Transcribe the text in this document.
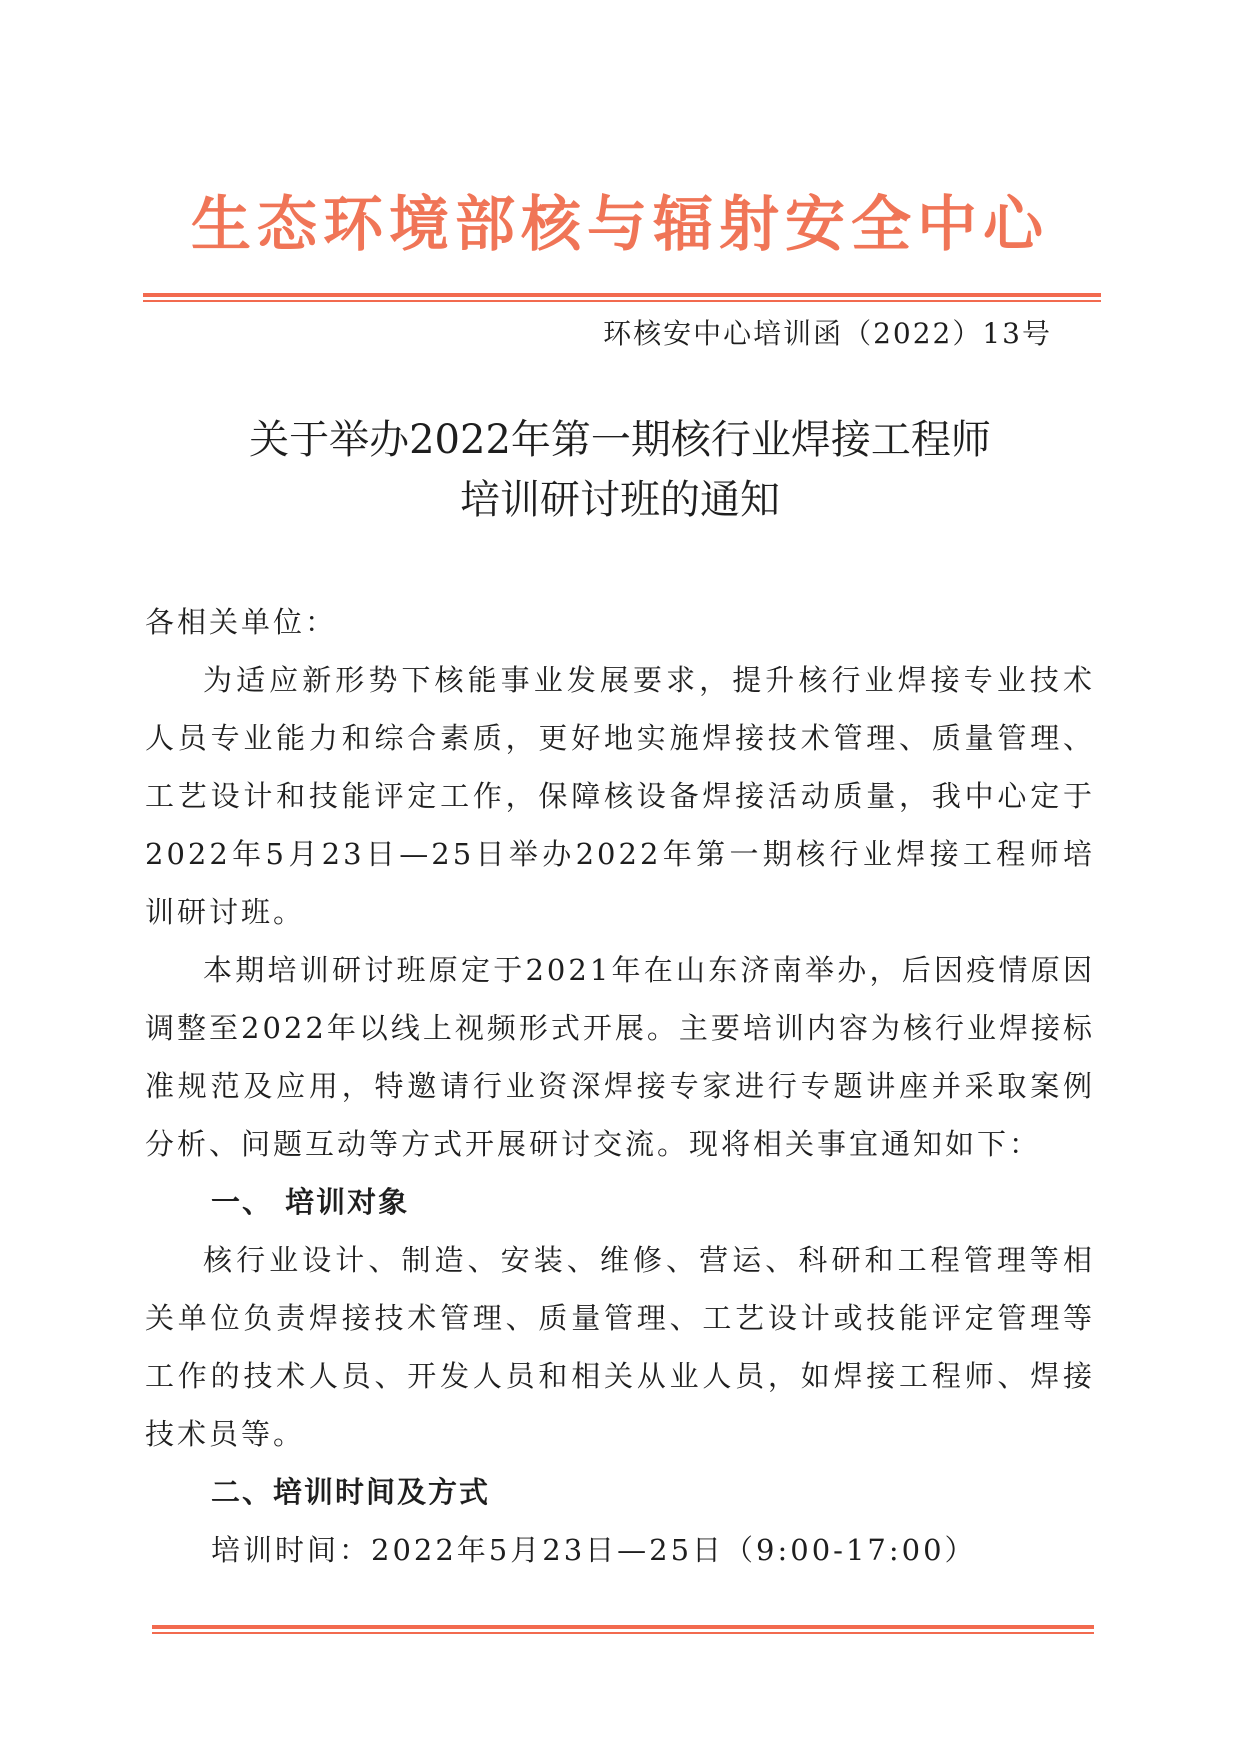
生态环境部核与辐射安全中心
环核安中心培训函（2022）13号
关于举办2022年第一期核行业焊接工程师
培训研讨班的通知

各相关单位：

为适应新形势下核能事业发展要求，提升核行业焊接专业技术人员专业能力和综合素质，更好地实施焊接技术管理、质量管理、工艺设计和技能评定工作，保障核设备焊接活动质量，我中心定于2022年5月23日—25日举办2022年第一期核行业焊接工程师培训研讨班。

本期培训研讨班原定于2021年在山东济南举办，后因疫情原因调整至2022年以线上视频形式开展。主要培训内容为核行业焊接标准规范及应用，特邀请行业资深焊接专家进行专题讲座并采取案例分析、问题互动等方式开展研讨交流。现将相关事宜通知如下：

一、 培训对象

核行业设计、制造、安装、维修、营运、科研和工程管理等相关单位负责焊接技术管理、质量管理、工艺设计或技能评定管理等工作的技术人员、开发人员和相关从业人员，如焊接工程师、焊接技术员等。

二、培训时间及方式

培训时间：2022年5月23日—25日（9:00-17:00）
